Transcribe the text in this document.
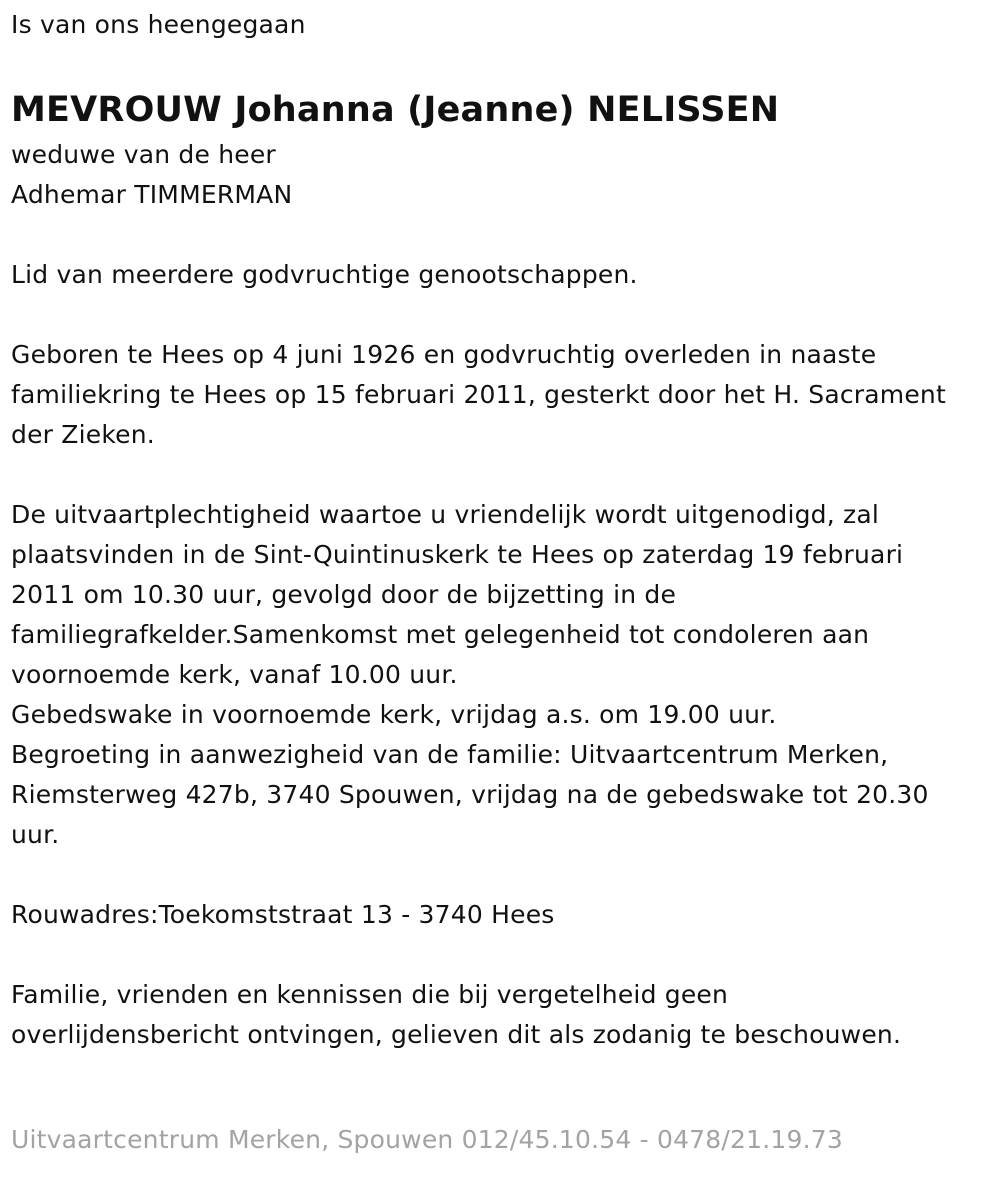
Is van ons heengegaan

MEVROUW Johanna (Jeanne) NELISSEN

weduwe van de heer

Adhemar TIMMERMAN

Lid van meerdere godvruchtige genootschappen.

Geboren te Hees op 4 juni 1926 en godvruchtig overleden in naaste

familiekring te Hees op 15 februari 2011, gesterkt door het H. Sacrament

der Zieken.

De uitvaartplechtigheid waartoe u vriendelijk wordt uitgenodigd, zal

plaatsvinden in de Sint-Quintinuskerk te Hees op zaterdag 19 februari

2011 om 10.30 uur, gevolgd door de bijzetting in de

familiegrafkelder.Samenkomst met gelegenheid tot condoleren aan

voornoemde kerk, vanaf 10.00 uur.

Gebedswake in voornoemde kerk, vrijdag a.s. om 19.00 uur.

Begroeting in aanwezigheid van de familie: Uitvaartcentrum Merken,

Riemsterweg 427b, 3740 Spouwen, vrijdag na de gebedswake tot 20.30

uur.

Rouwadres:Toekomststraat 13 - 3740 Hees

Familie, vrienden en kennissen die bij vergetelheid geen

overlijdensbericht ontvingen, gelieven dit als zodanig te beschouwen.

Uitvaartcentrum Merken, Spouwen 012/45.10.54 - 0478/21.19.73
